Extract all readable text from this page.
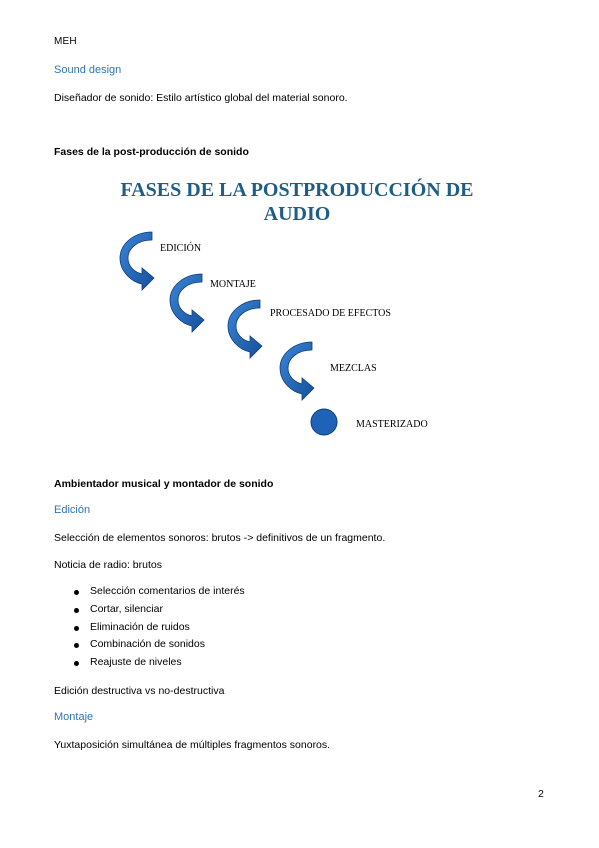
MEH
Sound design
Diseñador de sonido: Estilo artístico global del material sonoro.
Fases de la post-producción de sonido
FASES DE LA POSTPRODUCCIÓN DE
AUDIO
EDICIÓN
MONTAJE
PROCESADO DE EFECTOS
MEZCLAS
MASTERIZADO
Ambientador musical y montador de sonido
Edición
Selección de elementos sonoros: brutos -> definitivos de un fragmento.
Noticia de radio: brutos
Selección comentarios de interés
Cortar, silenciar
Eliminación de ruidos
Combinación de sonidos
Reajuste de niveles
Edición destructiva vs no-destructiva
Montaje
Yuxtaposición simultánea de múltiples fragmentos sonoros.
2
